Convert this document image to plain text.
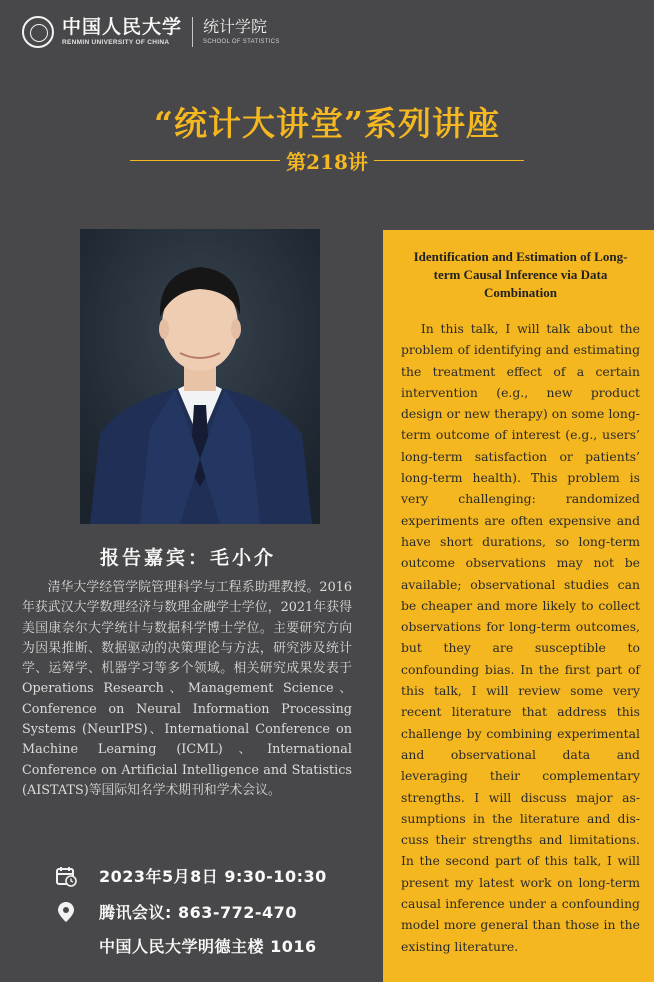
中国人民大学
RENMIN UNIVERSITY OF CHINA
统计学院
SCHOOL OF STATISTICS
“统计大讲堂”系列讲座
第218讲
报告嘉宾：毛小介
清华大学经管学院管理科学与工程系助理教授。2016年获武汉大学数理经济与数理金融学士学位，2021年获得美国康奈尔大学统计与数据科学博士学位。主要研究方向为因果推断、数据驱动的决策理论与方法，研究涉及统计学、运筹学、机器学习等多个领域。相关研究成果发表于Operations Research、Management Science、Conference on Neural Information Processing Systems (NeurIPS)、International Conference on Machine Learning (ICML)、International Conference on Artificial Intelligence and Statistics (AISTATS)等国际知名学术期刊和学术会议。
2023年5月8日 9:30-10:30
腾讯会议: 863-772-470
中国人民大学明德主楼 1016
Identification and Estimation of Long-term Causal Inference via Data Combination
In this talk, I will talk about the problem of identifying and estimating the treatment effect of a certain intervention (e.g., new product design or new therapy) on some long-term outcome of interest (e.g., users’ long-term satisfaction or patients’ long-term health). This problem is very challenging: randomized experiments are often expensive and have short durations, so long-term outcome observations may not be available; observational studies can be cheaper and more likely to collect observations for long-term outcomes, but they are susceptible to confounding bias. In the first part of this talk, I will review some very recent literature that address this challenge by combining experimental and observational data and leveraging their complementary strengths. I will discuss major assumptions in the literature and discuss their strengths and limitations. In the second part of this talk, I will present my latest work on long-term causal inference under a confounding model more general than those in the existing literature.
